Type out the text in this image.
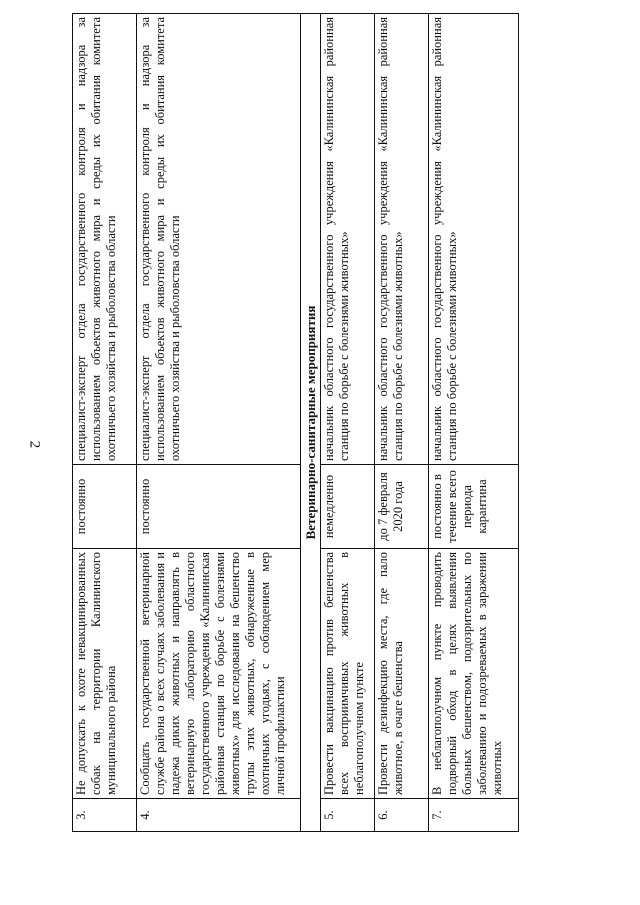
2
3.	Не допускать к охоте невакцинированных собак на территории Калининского муниципального района	постоянно	специалист-эксперт отдела государственного контроля и надзора за использованием объектов животного мира и среды их обитания комитета охотничьего хозяйства и рыболовства области
4.	Сообщать государственной ветеринарной службе района о всех случаях заболевания и падежа диких животных и направлять в ветеринарную лабораторию областного государственного учреждения «Калининская районная станция по борьбе с болезнями животных» для исследования на бешенство трупы этих животных, обнаруженные в охотничьих угодьях, с соблюдением мер личной профилактики	постоянно	специалист-эксперт отдела государственного контроля и надзора за использованием объектов животного мира и среды их обитания комитета охотничьего хозяйства и рыболовства области
Ветеринарно-санитарные мероприятия			
5.	Провести вакцинацию против бешенства всех восприимчивых животных в неблагополучном пункте	немедленно	начальник областного государственного учреждения «Калининская районная станция по борьбе с болезнями животных»
6.	Провести дезинфекцию места, где пало животное, в очаге бешенства	до 7 февраля 2020 года	начальник областного государственного учреждения «Калининская районная станция по борьбе с болезнями животных»
7.	В неблагополучном пункте проводить подворный обход в целях выявления больных бешенством, подозрительных по заболеванию и подозреваемых в заражении животных	постоянно в течение всего периода карантина	начальник областного государственного учреждения «Калининская районная станция по борьбе с болезнями животных»
